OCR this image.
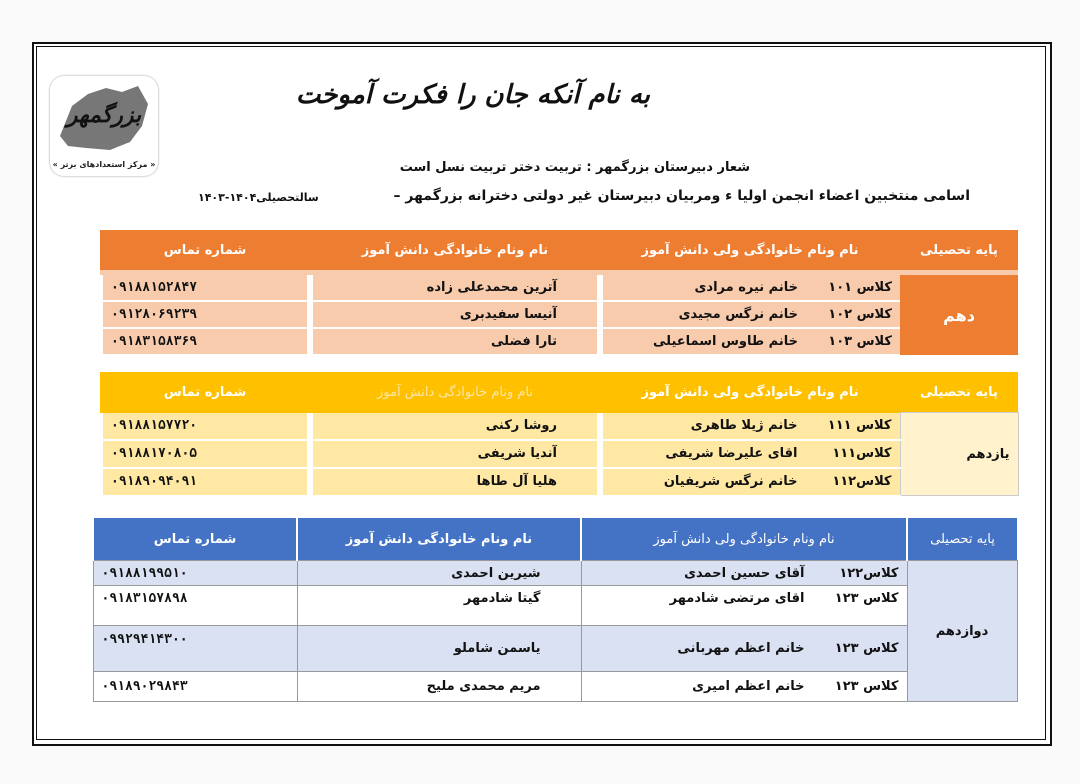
بزرگمهر
« مرکز استعدادهای برتر »
به نام آنکه جان را فکرت آموخت
شعار دبیرستان بزرگمهر : تربیت دختر تربیت نسل است
اسامی منتخبین اعضاء انجمن اولیا ء ومربیان دبیرستان غیر دولتی دخترانه بزرگمهر –
سالتحصیلی۱۴۰۴-۱۴۰۳
پایه تحصیلی	نام ونام خانوادگی ولی دانش آموز	نام ونام خانوادگی دانش آموز	شماره تماس

دهم	کلاس ۱۰۱خانم نیره مرادی	آترین محمدعلی زاده	۰۹۱۸۸۱۵۲۸۴۷
	کلاس ۱۰۲خانم نرگس مجیدی	آنیسا سفیدبری	۰۹۱۲۸۰۶۹۲۳۹
	کلاس ۱۰۳خانم طاوس اسماعیلی	تارا فضلی	۰۹۱۸۳۱۵۸۳۶۹
پایه تحصیلی	نام ونام خانوادگی ولی دانش آموز	نام ونام خانوادگی دانش آموز	شماره تماس
یازدهم	کلاس ۱۱۱خانم ژیلا طاهری	روشا رکنی	۰۹۱۸۸۱۵۷۷۲۰
	کلاس۱۱۱اقای علیرضا شریفی	آندیا شریفی	۰۹۱۸۸۱۷۰۸۰۵
	کلاس۱۱۲خانم نرگس شریفیان	هلیا آل طاها	۰۹۱۸۹۰۹۴۰۹۱
پایه تحصیلی	نام ونام خانوادگی ولی دانش آموز	نام ونام خانوادگی دانش آموز	شماره تماس
دوازدهم	کلاس۱۲۲آقای حسین احمدی	شیرین احمدی	۰۹۱۸۸۱۹۹۵۱۰
	کلاس ۱۲۳اقای مرتضی شادمهر	گیتا شادمهر	۰۹۱۸۳۱۵۷۸۹۸
	کلاس ۱۲۳خانم اعظم مهربانی	یاسمن شاملو	۰۹۹۲۹۴۱۴۳۰۰
	کلاس ۱۲۳خانم اعظم امیری	مریم محمدی ملیح	۰۹۱۸۹۰۲۹۸۴۳
